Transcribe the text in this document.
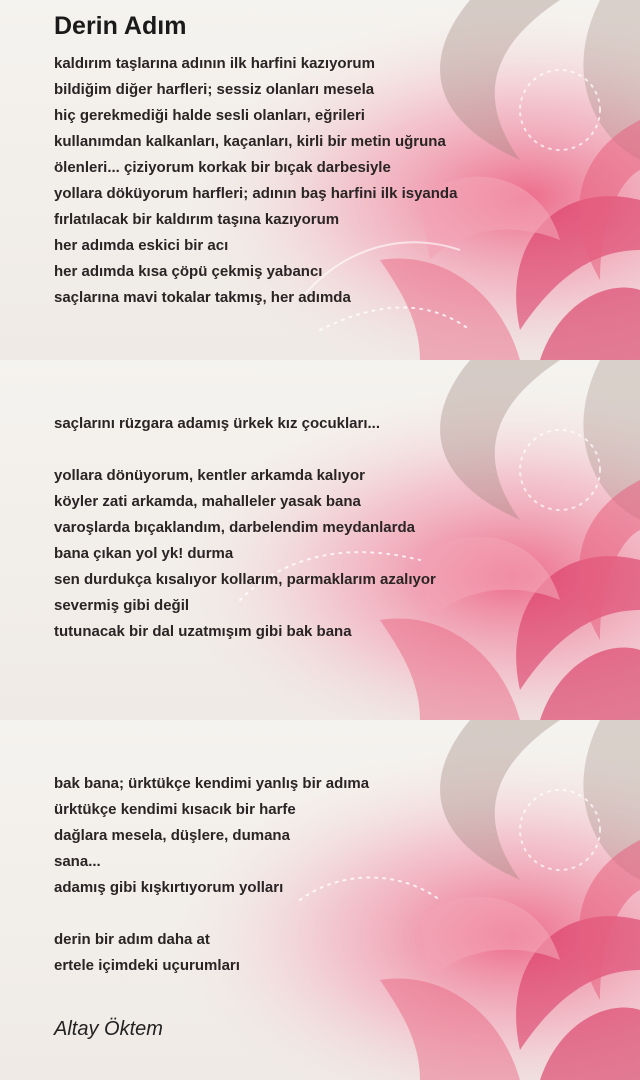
Derin Adım
kaldırım taşlarına adının ilk harfini kazıyorum
bildiğim diğer harfleri; sessiz olanları mesela
hiç gerekmediği halde sesli olanları, eğrileri
kullanımdan kalkanları, kaçanları, kirli bir metin uğruna
ölenleri... çiziyorum korkak bir bıçak darbesiyle
yollara döküyorum harfleri; adının baş harfini ilk isyanda
fırlatılacak bir kaldırım taşına kazıyorum
her adımda eskici bir acı
her adımda kısa çöpü çekmiş yabancı
saçlarına mavi tokalar takmış, her adımda
saçlarını rüzgara adamış ürkek kız çocukları...
yollara dönüyorum, kentler arkamda kalıyor
köyler zati arkamda, mahalleler yasak bana
varoşlarda bıçaklandım, darbelendim meydanlarda
bana çıkan yol yk! durma
sen durdukça kısalıyor kollarım, parmaklarım azalıyor
severmiş gibi değil
tutunacak bir dal uzatmışım gibi bak bana
bak bana; ürktükçe kendimi yanlış bir adıma
ürktükçe kendimi kısacık bir harfe
dağlara mesela, düşlere, dumana
sana...
adamış gibi kışkırtıyorum yolları
derin bir adım daha at
ertele içimdeki uçurumları

Altay Öktem
